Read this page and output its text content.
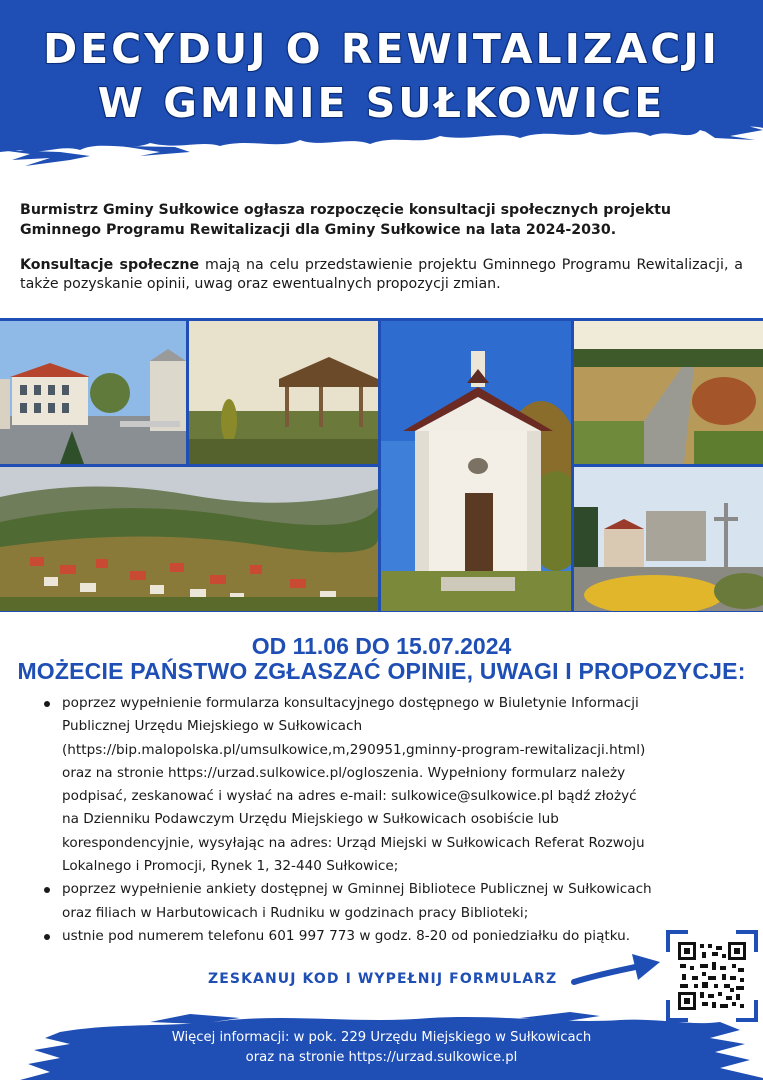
DECYDUJ O REWITALIZACJI
W GMINIE SUŁKOWICE

Burmistrz Gminy Sułkowice ogłasza rozpoczęcie konsultacji społecznych projektu Gminnego Programu Rewitalizacji dla Gminy Sułkowice na lata 2024-2030.

Konsultacje społeczne mają na celu przedstawienie projektu Gminnego Programu Rewitalizacji, a także pozyskanie opinii, uwag oraz ewentualnych propozycji zmian.

OD 11.06 DO 15.07.2024

MOŻECIE PAŃSTWO ZGŁASZAĆ OPINIE, UWAGI I PROPOZYCJE:

poprzez wypełnienie formularza konsultacyjnego dostępnego w Biuletynie Informacji
Publicznej Urzędu Miejskiego w Sułkowicach
(https://bip.malopolska.pl/umsulkowice,m,290951,gminny-program-rewitalizacji.html)
oraz na stronie https://urzad.sulkowice.pl/ogloszenia. Wypełniony formularz należy
podpisać, zeskanować i wysłać na adres e-mail: sulkowice@sulkowice.pl bądź złożyć
na Dzienniku Podawczym Urzędu Miejskiego w Sułkowicach osobiście lub
korespondencyjnie, wysyłając na adres: Urząd Miejski w Sułkowicach Referat Rozwoju
Lokalnego i Promocji, Rynek 1, 32-440 Sułkowice;
poprzez wypełnienie ankiety dostępnej w Gminnej Bibliotece Publicznej w Sułkowicach
oraz filiach w Harbutowicach i Rudniku w godzinach pracy Biblioteki;
ustnie pod numerem telefonu 601 997 773 w godz. 8-20 od poniedziałku do piątku.

ZESKANUJ KOD I WYPEŁNIJ FORMULARZ

Więcej informacji: w pok. 229 Urzędu Miejskiego w Sułkowicach

oraz na stronie https://urzad.sulkowice.pl
